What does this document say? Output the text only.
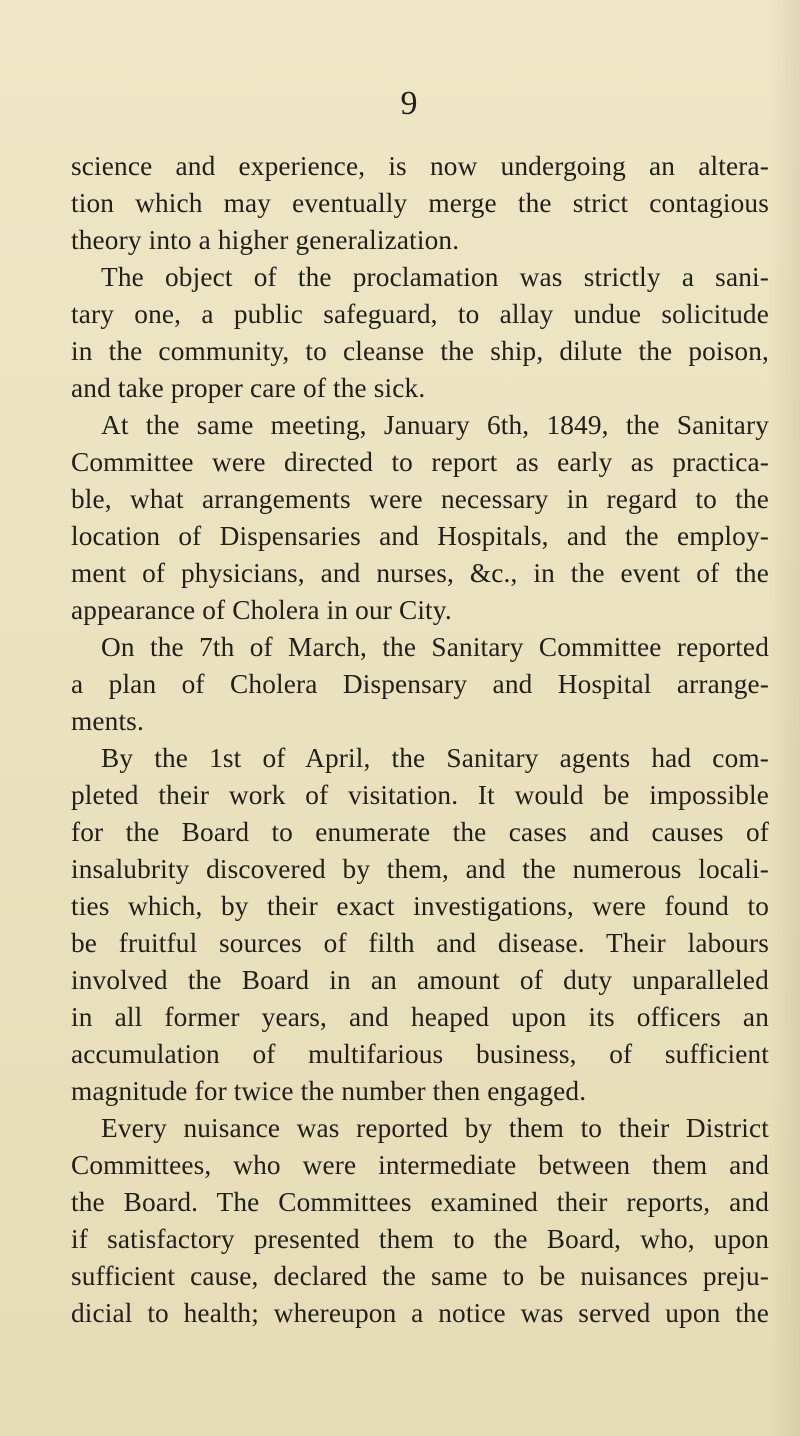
9
science and experience, is now undergoing an altera-
tion which may eventually merge the strict contagious
theory into a higher generalization.
The object of the proclamation was strictly a sani-
tary one, a public safeguard, to allay undue solicitude
in the community, to cleanse the ship, dilute the poison,
and take proper care of the sick.
At the same meeting, January 6th, 1849, the Sanitary
Committee were directed to report as early as practica-
ble, what arrangements were necessary in regard to the
location of Dispensaries and Hospitals, and the employ-
ment of physicians, and nurses, &c., in the event of the
appearance of Cholera in our City.
On the 7th of March, the Sanitary Committee reported
a plan of Cholera Dispensary and Hospital arrange-
ments.
By the 1st of April, the Sanitary agents had com-
pleted their work of visitation. It would be impossible
for the Board to enumerate the cases and causes of
insalubrity discovered by them, and the numerous locali-
ties which, by their exact investigations, were found to
be fruitful sources of filth and disease. Their labours
involved the Board in an amount of duty unparalleled
in all former years, and heaped upon its officers an
accumulation of multifarious business, of sufficient
magnitude for twice the number then engaged.
Every nuisance was reported by them to their District
Committees, who were intermediate between them and
the Board. The Committees examined their reports, and
if satisfactory presented them to the Board, who, upon
sufficient cause, declared the same to be nuisances preju-
dicial to health; whereupon a notice was served upon the
